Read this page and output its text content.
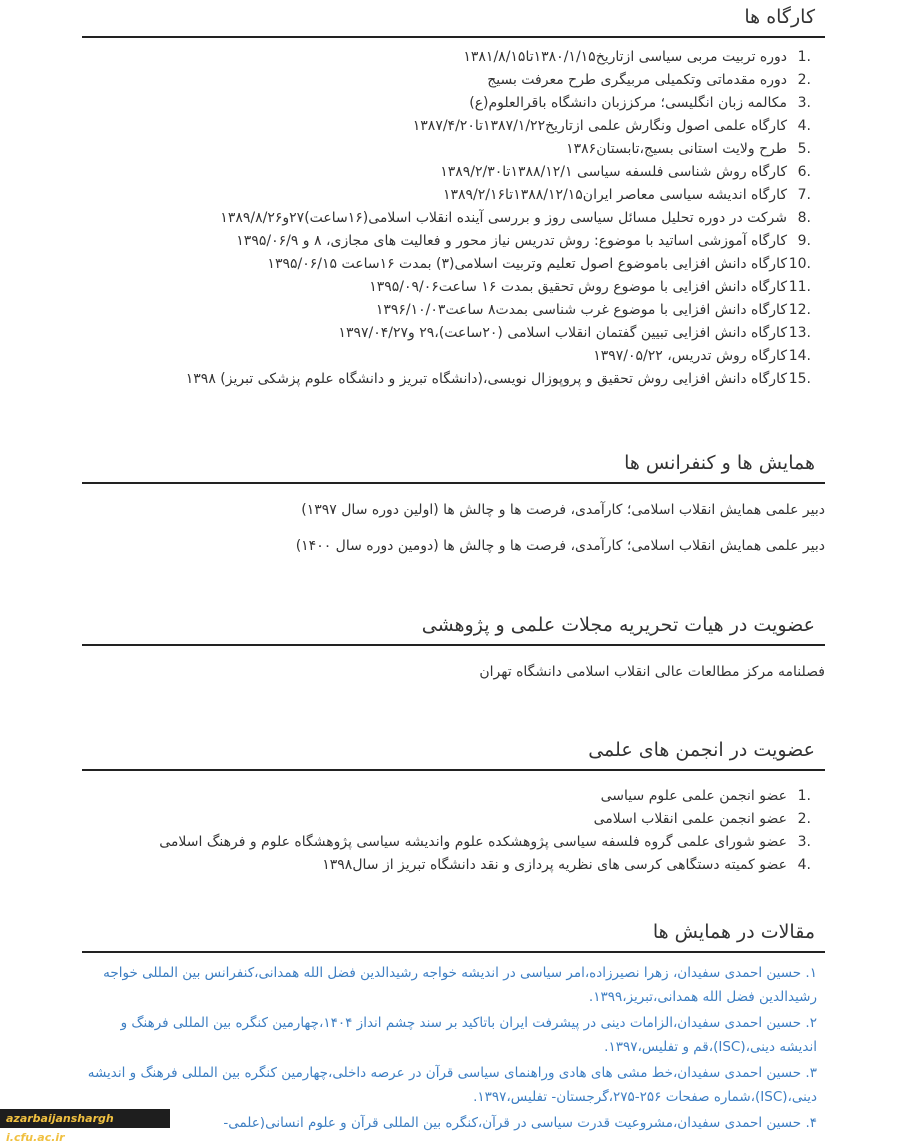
کارگاه ها
1.
دوره تربیت مربی سیاسی ازتاریخ۱۳۸۰/۱/۱۵تا۱۳۸۱/۸/۱۵
2.
دوره مقدماتی وتکمیلی مربیگری طرح معرفت بسیج
3.
مکالمه زبان انگلیسی؛ مرکززبان دانشگاه باقرالعلوم(ع)
4.
کارگاه علمی اصول ونگارش علمی ازتاریخ۱۳۸۷/۱/۲۲تا۱۳۸۷/۴/۲۰
5.
طرح ولایت استانی بسیج،تابستان۱۳۸۶
6.
کارگاه روش شناسی فلسفه سیاسی ۱۳۸۸/۱۲/۱تا۱۳۸۹/۲/۳۰
7.
کارگاه اندیشه سیاسی معاصر ایران۱۳۸۸/۱۲/۱۵تا۱۳۸۹/۲/۱۶
8.
شرکت در دوره تحلیل مسائل سیاسی روز و بررسی آینده انقلاب اسلامی(۱۶ساعت)۲۷و۱۳۸۹/۸/۲۶
9.
کارگاه آموزشی اساتید با موضوع: روش تدریس نیاز محور و فعالیت های مجازی، ۸ و ۱۳۹۵/۰۶/۹
10.
کارگاه دانش افزایی باموضوع اصول تعلیم وتربیت اسلامی(۳) بمدت ۱۶ساعت ۱۳۹۵/۰۶/۱۵
11.
کارگاه دانش افزایی با موضوع روش تحقیق بمدت ۱۶ ساعت۱۳۹۵/۰۹/۰۶
12.
کارگاه دانش افزایی با موضوع غرب شناسی بمدت۸ ساعت۱۳۹۶/۱۰/۰۳
13.
کارگاه دانش افزایی تبیین گفتمان انقلاب اسلامی (۲۰ساعت)،۲۹ و۱۳۹۷/۰۴/۲۷
14.
کارگاه روش تدریس، ۱۳۹۷/۰۵/۲۲
15.
کارگاه دانش افزایی روش تحقیق و پروپوزال نویسی،(دانشگاه تبریز و دانشگاه علوم پزشکی تبریز) ۱۳۹۸
همایش ها و کنفرانس ها

دبیر علمی همایش انقلاب اسلامی؛ کارآمدی، فرصت ها و چالش ها (اولین دوره سال ۱۳۹۷)

دبیر علمی همایش انقلاب اسلامی؛ کارآمدی، فرصت ها و چالش ها (دومین دوره سال ۱۴۰۰)

عضویت در هیات تحریریه مجلات علمی و پژوهشی

فصلنامه مرکز مطالعات عالی انقلاب اسلامی دانشگاه تهران

عضویت در انجمن های علمی
1.
عضو انجمن علمی علوم سیاسی
2.
عضو انجمن علمی انقلاب اسلامی
3.
عضو شورای علمی گروه فلسفه سیاسی پژوهشکده علوم واندیشه سیاسی پژوهشگاه علوم و فرهنگ اسلامی
4.
عضو کمیته دستگاهی کرسی های نظریه پردازی و نقد دانشگاه تبریز از سال۱۳۹۸
مقالات در همایش ها

۱. حسین احمدی سفیدان، زهرا نصیرزاده،امر سیاسی در اندیشه خواجه رشیدالدین فضل الله همدانی،کنفرانس بین المللی خواجه رشیدالدین فضل الله همدانی،تبریز،۱۳۹۹.

۲. حسین احمدی سفیدان،الزامات دینی در پیشرفت ایران باتاکید بر سند چشم انداز ۱۴۰۴،چهارمین کنگره بین المللی فرهنگ و اندیشه دینی،(ISC)،قم و تفلیس،۱۳۹۷.

۳. حسین احمدی سفیدان،خط مشی های هادی وراهنمای سیاسی قرآن در عرصه داخلی،چهارمین کنگره بین المللی فرهنگ و اندیشه دینی،(ISC)،شماره صفحات ۲۵۶-۲۷۵،گرجستان- تفلیس،۱۳۹۷.

۴. حسین احمدی سفیدان،مشروعیت قدرت سیاسی در قرآن،کنگره بین المللی قرآن و علوم انسانی(علمی-

azarbaijanshargh i.cfu.ac.ir
